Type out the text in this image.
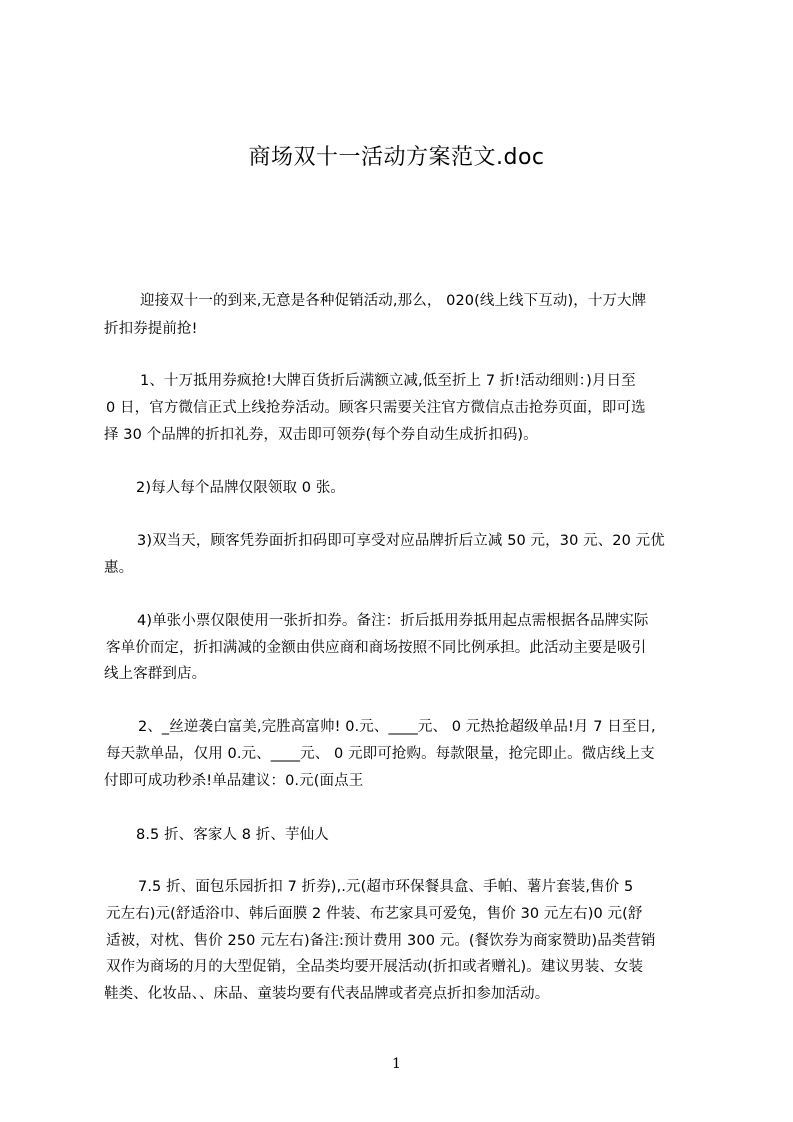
商场双十一活动方案范文.doc
迎接双十一的到来,无意是各种促销活动,那么， 020(线上线下互动)，十万大牌
折扣券提前抢!
1、十万抵用券疯抢!大牌百货折后满额立减,低至折上 7 折!活动细则：)月日至
0 日，官方微信正式上线抢券活动。顾客只需要关注官方微信点击抢券页面，即可选
择 30 个品牌的折扣礼券，双击即可领券(每个券自动生成折扣码)。
2)每人每个品牌仅限领取 0 张。
3)双当天，顾客凭券面折扣码即可享受对应品牌折后立减 50 元，30 元、20 元优
惠。
4)单张小票仅限使用一张折扣券。备注：折后抵用券抵用起点需根据各品牌实际
客单价而定，折扣满减的金额由供应商和商场按照不同比例承担。此活动主要是吸引
线上客群到店。
2、_丝逆袭白富美,完胜高富帅! 0.元、____元、 0 元热抢超级单品!月 7 日至日,
每天款单品，仅用 0.元、____元、 0 元即可抢购。每款限量，抢完即止。微店线上支
付即可成功秒杀!单品建议：0.元(面点王
8.5 折、客家人 8 折、芋仙人
7.5 折、面包乐园折扣 7 折券),.元(超市环保餐具盒、手帕、薯片套装,售价 5
元左右)元(舒适浴巾、韩后面膜 2 件装、布艺家具可爱兔，售价 30 元左右)0 元(舒
适被，对枕、售价 250 元左右)备注:预计费用 300 元。(餐饮券为商家赞助)品类营销
双作为商场的月的大型促销，全品类均要开展活动(折扣或者赠礼)。建议男装、女装
鞋类、化妆品、、床品、童装均要有代表品牌或者亮点折扣参加活动。
1
